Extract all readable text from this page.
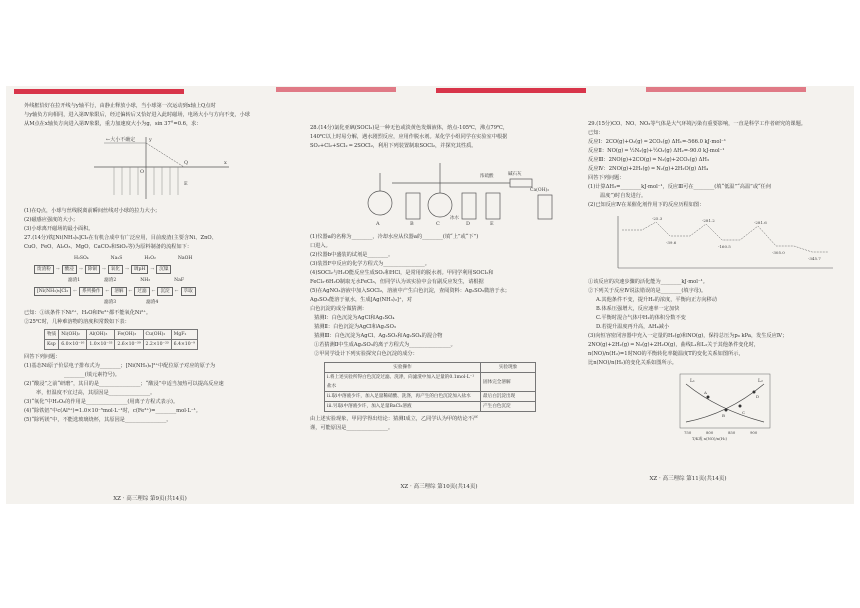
外线框恰好在拉开线与y轴平行，由静止释放小球，当小球第一次运动到x轴上Q点时

与y轴负方向相同，进入第Ⅳ象限后，经过偏转后又恰好进入此时磁场，电场大小与方向不变，小球

从M点在x轴负方向进入第Ⅳ象限，重力加速度大小为g，sin 37°=0.6，求：

←大小不确定
O
Q	x
y
E

(1)在Q点，小球与丝线脱离前瞬间丝线对小球的拉力大小；

(2)磁感应强度的大小；

(3)小球离开磁场的最小面积。

27.(14分)铁[Ni(NH₃)₆]Cl₂在有机合成中有广泛应用，目前废渣(主要含Ni、ZnO、

CuO、FeO、Al₂O₃、MgO、CaCO₃和SiO₂等)为原料制备的流程如下：

H₂SO₄	Na₂S	H₂O₂	NaOH
废渣粉	→	酸浸	→	除铜	→	氧化	→	调pH	→	沉镍
滤渣1	滤渣2	NH₃	NaF
[Ni(NH₃)₆]Cl₂	←	系列操作	←	溶解	←	过滤	←	沉淀	←	萃取
滤渣3	滤渣4

已知：①该条件下Ni²⁺、H₂O和Fe³⁺都不能氧化Ni²⁺。

②25℃时，几种难溶物的溶度积常数如下表：

物质	Ni(OH)₂	Al(OH)₃	Fe(OH)₃	Cu(OH)₂	MgF₂
Ksp	6.0×10⁻¹⁶	1.0×10⁻³³	2.6×10⁻³⁹	2.2×10⁻²⁰	6.4×10⁻⁹

回答下列问题：

(1)基态Ni原子价层电子排布式为________；[Ni(NH₃)₆]²⁺中配位原子对应的原子为

________(填元素符号)。

(2)“酸浸”之前“研磨”，其目的是________________；“酸浸”中适当加热可以提高反应速

率，但温度不宜过高，其原因是________________。

(3)“氧化”中H₂O₂的作用是________________(用离子方程式表示)。

(4)“除铁铝”中c(Al³⁺)=1.0×10⁻⁵mol·L⁻¹时，c(Fe³⁺)=________mol·L⁻¹。

(5)“除钙镁”中，不能选玻璃烧杯，其原因是________________。

XZ · 高三理综 第9页(共14页)

28.(14分)氯化亚砜(SOCl₂)是一种无色或淡黄色发烟液体，熔点-105℃，沸点79℃，

140℃以上时易分解，遇水剧烈反应，应用作脱水剂。某化学小组同学在实验室中根据

SO₂+Cl₂+SCl₂ ═ 2SOCl₂，利用下列装置制取SOCl₂，并探究其性质。

A	B	C	D	E
浓硫酸	碱石灰
Ca(OH)₂
冰水

(1)仪器a的名称为________，冷却水应从仪器a的________(填“上”或“下”)

口进入。

(2)仪器b中盛装的试剂是________。

(3)装置F中反应的化学方程式为________________。

(4)SOCl₂与H₂O能反应生成SO₂和HCl，是常用的脱水剂。甲同学利用SOCl₂和

FeCl₃·6H₂O制取无水FeCl₃，但同学认为该实验中会有副反应发生，请根据

(5)在AgNO₃溶液中加入SOCl₂，溶液中产生白色沉淀，查阅资料：Ag₂SO₃微溶于水；

Ag₂SO₃能溶于氨水，生成[Ag(NH₃)₂]⁺，对

白色沉淀的成分做猜测：

猜测Ⅰ：白色沉淀为AgCl和Ag₂SO₄

猜测Ⅱ：白色沉淀为AgCl和Ag₂SO₃

猜测Ⅲ：白色沉淀为AgCl、Ag₂SO₃和Ag₂SO₄的混合物

①若猜测Ⅱ中生成Ag₂SO₃的离子方程式为________________。

②甲同学设计下列实验探究白色沉淀的成分：

实验操作	实验现象
i.将上述实验所得白色沉淀过滤、洗涤，向滤渣中加入足量的0.1mol·L⁻¹盐水	固体完全溶解
ii.取i中溶液少许，加入足量稀硝酸、洗涤，再产生的白色沉淀加入盐水	最后白沉淀出现
iii.另取i中溶液少许，加入足量BaCl₂溶液	产生白色沉淀

由上述实验现象，甲同学得出结论：猜测Ⅰ成立，乙同学认为甲的结论不严

谨，可能原因是________________。

XZ · 高三理综 第10页(共14页)

29.(15分)CO、NO、NO₂等气体是大气环境污染有重要影响，一直是科学工作者研究的课题。

已知：

反应Ⅰ：2CO(g)+O₂(g) ═ 2CO₂(g) ΔH₁=-566.0 kJ·mol⁻¹

反应Ⅱ：NO(g) ═ ½N₂(g)+½O₂(g) ΔH₂=-90.0 kJ·mol⁻¹

反应Ⅲ：2NO(g)+2CO(g) ═ N₂(g)+2CO₂(g) ΔH₃

反应Ⅳ：2NO(g)+2H₂(g) ═ N₂(g)+2H₂O(g) ΔH₄

回答下列问题：

(1)计算ΔH₃=________kJ·mol⁻¹，反应Ⅲ可在________(填“低温”“高温”或“任何

温度”)时自发进行。

(2)已知反应Ⅳ在某催化剂作用下的反应历程如图：

-25.3
-39.6
-281.2
-160.5
-281.6
-305.0
-345.7

①该反应的决速步骤的活化能为________kJ·mol⁻¹。

②下列关于反应Ⅳ说法错误的是________(填字母)。

A.其他条件不变，提升H₂的浓度，平衡向正方向移动

B.体系压强增大，反应速率一定加快

C.平衡时混合气体中H₂的体积分数不变

D.若提升温度再升高，ΔH₄减小

(3)向恒容密闭容器中充入一定量的H₂(g)和NO(g)，保持总压为p₀ kPa，发生反应Ⅳ；

2NO(g)+2H₂(g) ═ N₂(g)+2H₂O(g)，曲线L₁和L₂关于其他条件变化时，

n(NO)/n(H₂)=1时NO的平衡转化率随温度T的变化关系如图所示，

比n(NO)/n(H₂)的变化关系如图所示。

L₁	L₂
A
B
C
D
750	800	850	900
T/K或 n(NO)/n(H₂)
XZ · 高三理综 第11页(共14页)
